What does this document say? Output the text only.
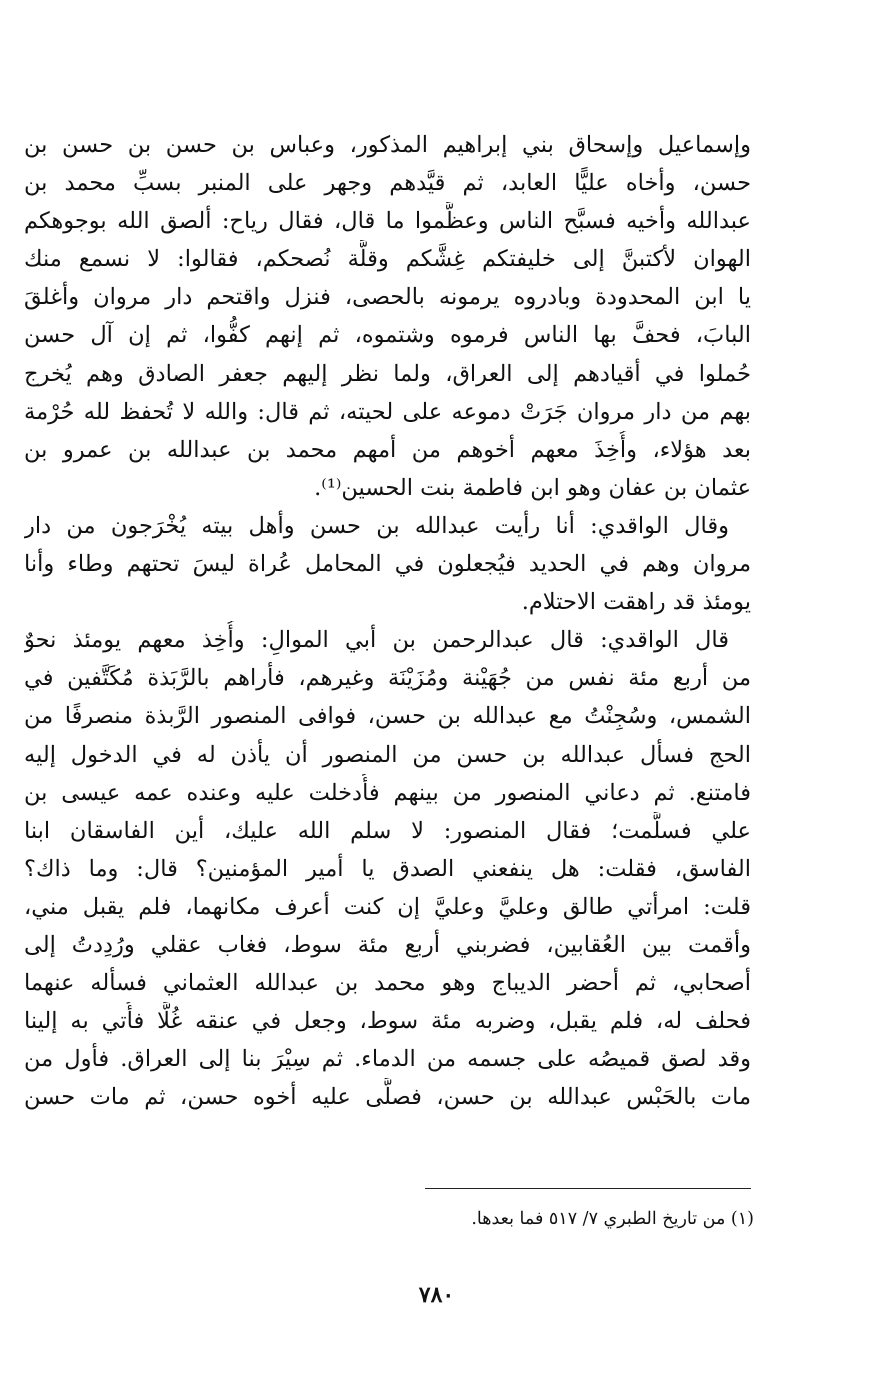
وإسماعيل وإسحاق بني إبراهيم المذكور، وعباس بن حسن بن حسن بن
حسن، وأخاه عليًّا العابد، ثم قيَّدهم وجهر على المنبر بسبِّ محمد بن
عبدالله وأخيه فسبَّح الناس وعظَّموا ما قال، فقال رياح: ألصق الله بوجوهكم
الهوان لأكتبنَّ إلى خليفتكم غِشَّكم وقلَّة نُصحكم، فقالوا: لا نسمع منك
يا ابن المحدودة وبادروه يرمونه بالحصى، فنزل واقتحم دار مروان وأغلقَ
البابَ، فحفَّ بها الناس فرموه وشتموه، ثم إنهم كفُّوا، ثم إن آل حسن
حُملوا في أقيادهم إلى العراق، ولما نظر إليهم جعفر الصادق وهم يُخرج
بهم من دار مروان جَرَتْ دموعه على لحيته، ثم قال: والله لا تُحفظ لله حُرْمة
بعد هؤلاء، وأُخِذَ معهم أخوهم من أمهم محمد بن عبدالله بن عمرو بن
عثمان بن عفان وهو ابن فاطمة بنت الحسين⁽¹⁾.
وقال الواقدي: أنا رأيت عبدالله بن حسن وأهل بيته يُخْرَجون من دار
مروان وهم في الحديد فيُجعلون في المحامل عُراة ليسَ تحتهم وطاء وأنا
يومئذ قد راهقت الاحتلام.
قال الواقدي: قال عبدالرحمن بن أبي الموالِ: وأُخِذ معهم يومئذ نحوٌ
من أربع مئة نفس من جُهَيْنة ومُزَيْنَة وغيرهم، فأراهم بالرَّبَذة مُكَتَّفين في
الشمس، وسُجِنْتُ مع عبدالله بن حسن، فوافى المنصور الرَّبذة منصرفًا من
الحج فسأل عبدالله بن حسن من المنصور أن يأذن له في الدخول إليه
فامتنع. ثم دعاني المنصور من بينهم فأُدخلت عليه وعنده عمه عيسى بن
علي فسلَّمت؛ فقال المنصور: لا سلم الله عليك، أين الفاسقان ابنا
الفاسق، فقلت: هل ينفعني الصدق يا أمير المؤمنين؟ قال: وما ذاك؟
قلت: امرأتي طالق وعليَّ وعليَّ إن كنت أعرف مكانهما، فلم يقبل مني،
وأقمت بين العُقابين، فضربني أربع مئة سوط، فغاب عقلي ورُدِدتُ إلى
أصحابي، ثم أحضر الديباج وهو محمد بن عبدالله العثماني فسأله عنهما
فحلف له، فلم يقبل، وضربه مئة سوط، وجعل في عنقه غُلًّا فأُتي به إلينا
وقد لصق قميصُه على جسمه من الدماء. ثم سِيْرَ بنا إلى العراق. فأول من
مات بالحَبْس عبدالله بن حسن، فصلَّى عليه أخوه حسن، ثم مات حسن
(١) من تاريخ الطبري ٧/ ٥١٧ فما بعدها.
٧٨٠
